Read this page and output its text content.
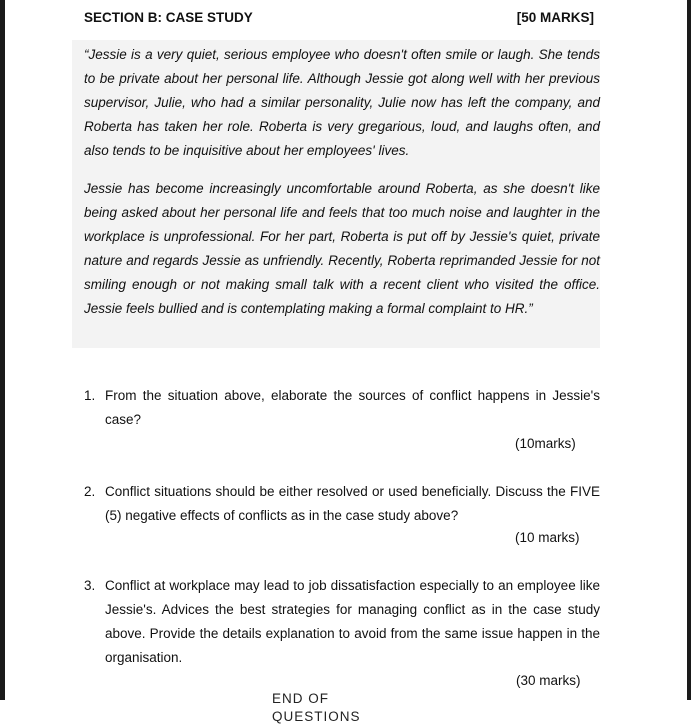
SECTION B: CASE STUDY	[50 MARKS]

“Jessie is a very quiet, serious employee who doesn't often smile or laugh. She tends to be private about her personal life. Although Jessie got along well with her previous supervisor, Julie, who had a similar personality, Julie now has left the company, and Roberta has taken her role. Roberta is very gregarious, loud, and laughs often, and also tends to be inquisitive about her employees' lives.

Jessie has become increasingly uncomfortable around Roberta, as she doesn't like being asked about her personal life and feels that too much noise and laughter in the workplace is unprofessional. For her part, Roberta is put off by Jessie's quiet, private nature and regards Jessie as unfriendly. Recently, Roberta reprimanded Jessie for not smiling enough or not making small talk with a recent client who visited the office. Jessie feels bullied and is contemplating making a formal complaint to HR.”

1. From the situation above, elaborate the sources of conflict happens in Jessie's case?
(10marks)
2. Conflict situations should be either resolved or used beneficially. Discuss the FIVE (5) negative effects of conflicts as in the case study above?
(10 marks)
3. Conflict at workplace may lead to job dissatisfaction especially to an employee like Jessie's. Advices the best strategies for managing conflict as in the case study above. Provide the details explanation to avoid from the same issue happen in the organisation.
(30 marks)
END OF QUESTIONS
